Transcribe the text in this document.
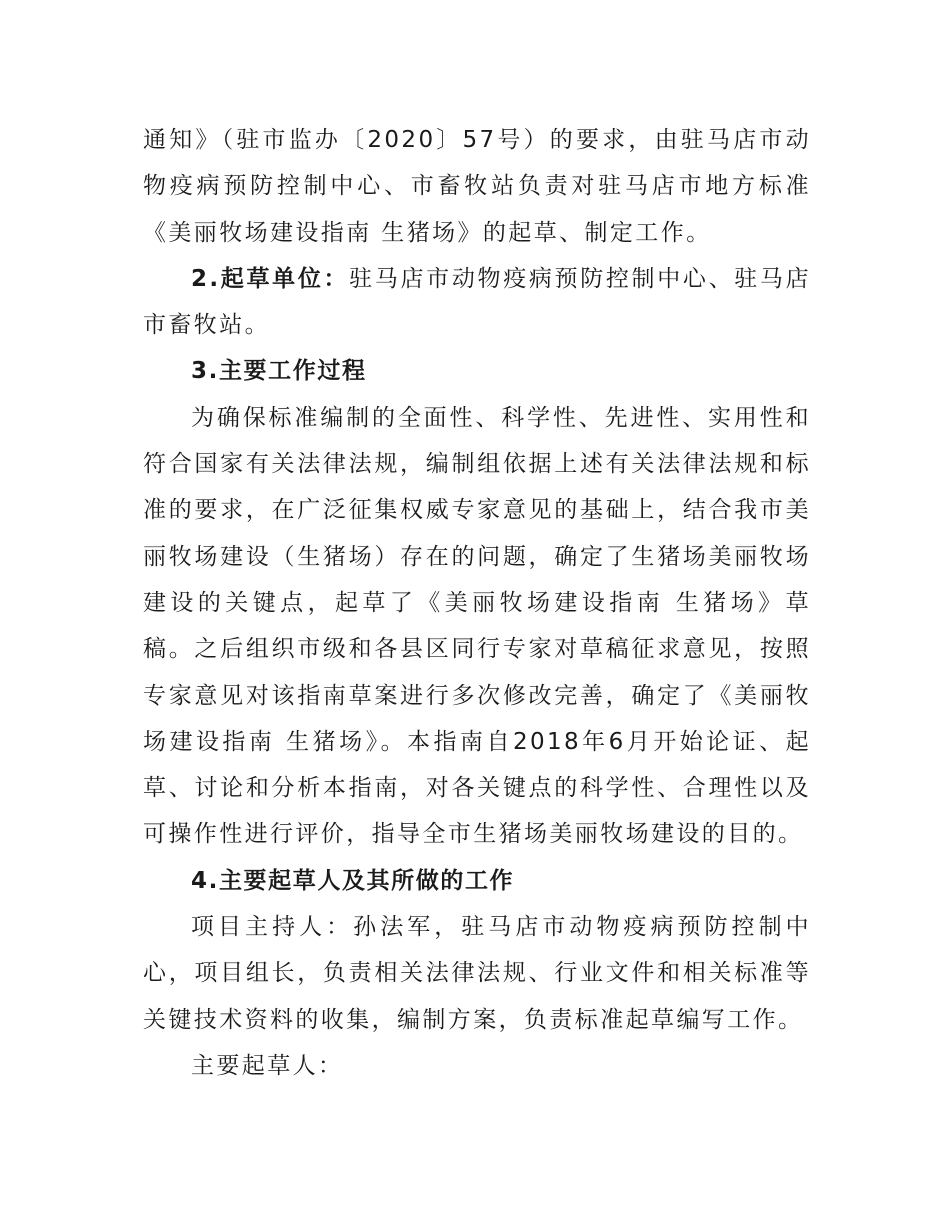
通知》（驻市监办〔2020〕57号）的要求，由驻马店市动物疫病预防控制中心、市畜牧站负责对驻马店市地方标准《美丽牧场建设指南 生猪场》的起草、制定工作。

2.起草单位：驻马店市动物疫病预防控制中心、驻马店市畜牧站。

3.主要工作过程

为确保标准编制的全面性、科学性、先进性、实用性和符合国家有关法律法规，编制组依据上述有关法律法规和标准的要求，在广泛征集权威专家意见的基础上，结合我市美丽牧场建设（生猪场）存在的问题，确定了生猪场美丽牧场建设的关键点，起草了《美丽牧场建设指南 生猪场》草稿。之后组织市级和各县区同行专家对草稿征求意见，按照专家意见对该指南草案进行多次修改完善，确定了《美丽牧场建设指南 生猪场》。本指南自2018年6月开始论证、起草、讨论和分析本指南，对各关键点的科学性、合理性以及可操作性进行评价，指导全市生猪场美丽牧场建设的目的。

4.主要起草人及其所做的工作

项目主持人：孙法军，驻马店市动物疫病预防控制中心，项目组长，负责相关法律法规、行业文件和相关标准等关键技术资料的收集，编制方案，负责标准起草编写工作。

主要起草人：
